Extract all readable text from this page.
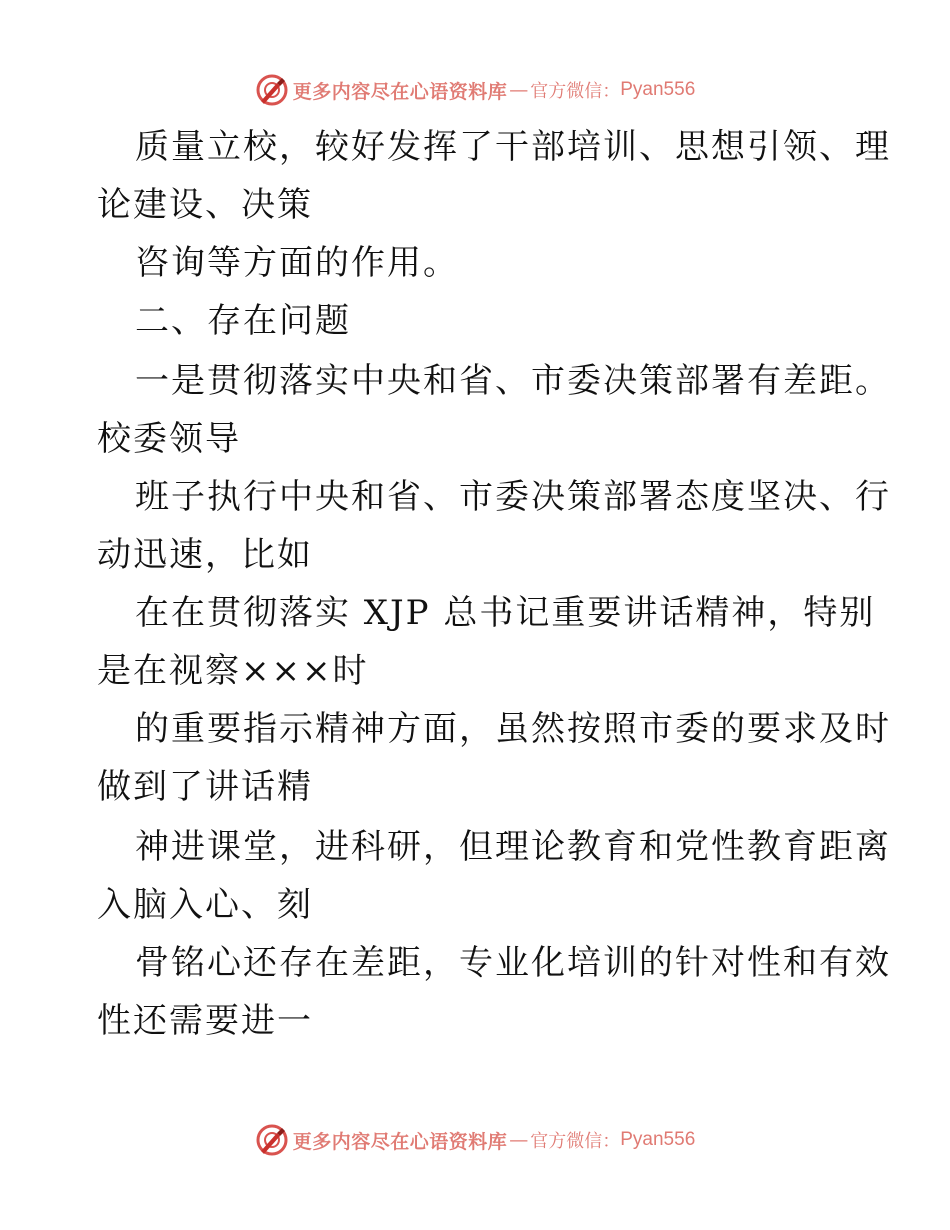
更多内容尽在心语资料库 — 官方微信： Pyan556
质量立校，较好发挥了干部培训、思想引领、理
论建设、决策
咨询等方面的作用。
二、存在问题
一是贯彻落实中央和省、市委决策部署有差距。
校委领导
班子执行中央和省、市委决策部署态度坚决、行
动迅速，比如
在在贯彻落实 XJP 总书记重要讲话精神，特别
是在视察×××时
的重要指示精神方面，虽然按照市委的要求及时
做到了讲话精
神进课堂，进科研，但理论教育和党性教育距离
入脑入心、刻
骨铭心还存在差距，专业化培训的针对性和有效
性还需要进一
更多内容尽在心语资料库 — 官方微信： Pyan556
